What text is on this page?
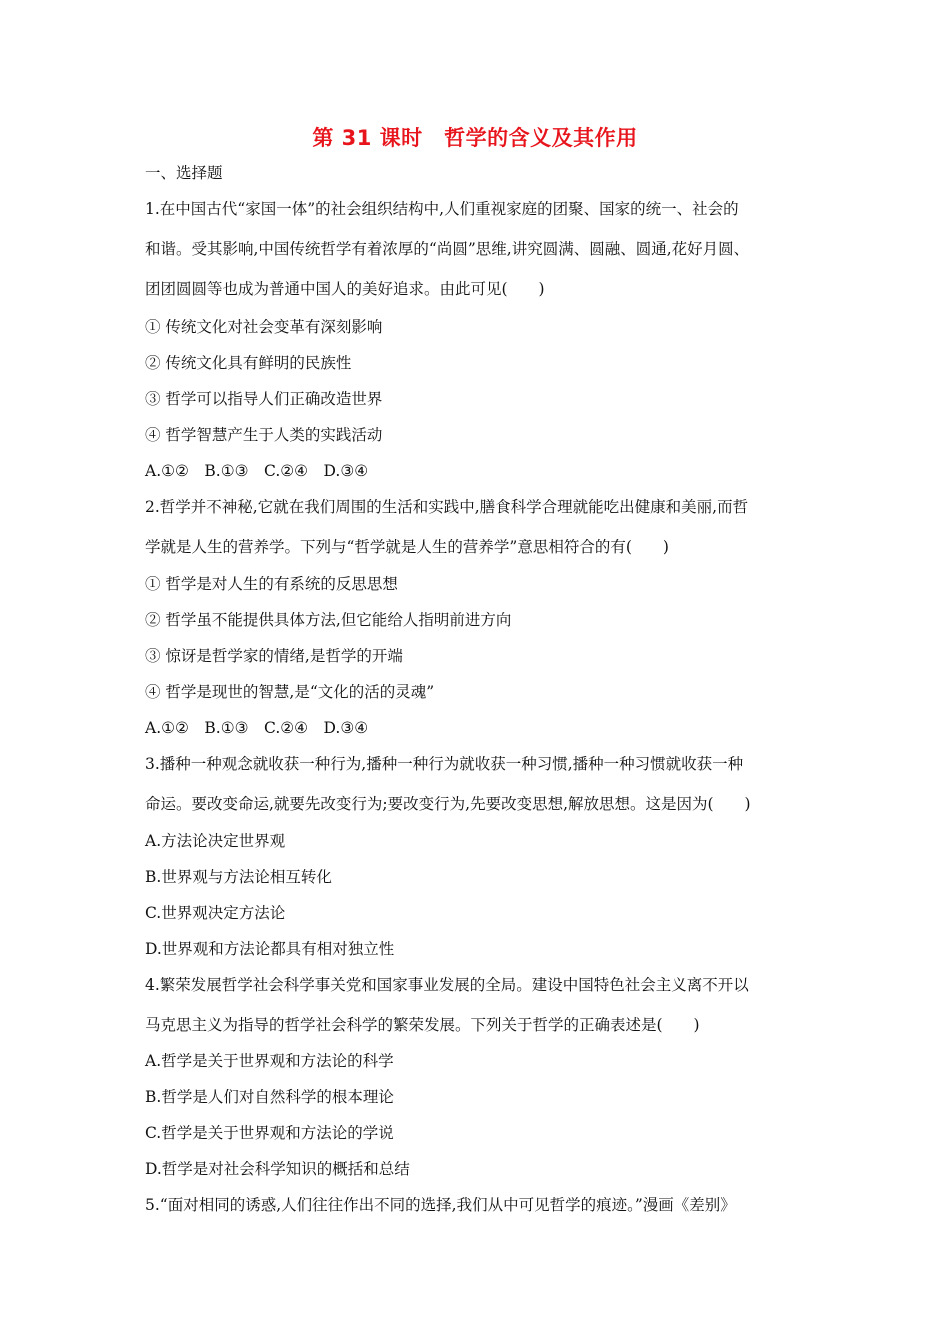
第 31 课时　哲学的含义及其作用
一、选择题
1.在中国古代“家国一体”的社会组织结构中,人们重视家庭的团聚、国家的统一、社会的
和谐。受其影响,中国传统哲学有着浓厚的“尚圆”思维,讲究圆满、圆融、圆通,花好月圆、
团团圆圆等也成为普通中国人的美好追求。由此可见(　　)
① 传统文化对社会变革有深刻影响
② 传统文化具有鲜明的民族性
③ 哲学可以指导人们正确改造世界
④ 哲学智慧产生于人类的实践活动
A.①②　B.①③　C.②④　D.③④
2.哲学并不神秘,它就在我们周围的生活和实践中,膳食科学合理就能吃出健康和美丽,而哲
学就是人生的营养学。下列与“哲学就是人生的营养学”意思相符合的有(　　)
① 哲学是对人生的有系统的反思思想
② 哲学虽不能提供具体方法,但它能给人指明前进方向
③ 惊讶是哲学家的情绪,是哲学的开端
④ 哲学是现世的智慧,是“文化的活的灵魂”
A.①②　B.①③　C.②④　D.③④
3.播种一种观念就收获一种行为,播种一种行为就收获一种习惯,播种一种习惯就收获一种
命运。要改变命运,就要先改变行为;要改变行为,先要改变思想,解放思想。这是因为(　　)
A.方法论决定世界观
B.世界观与方法论相互转化
C.世界观决定方法论
D.世界观和方法论都具有相对独立性
4.繁荣发展哲学社会科学事关党和国家事业发展的全局。建设中国特色社会主义离不开以
马克思主义为指导的哲学社会科学的繁荣发展。下列关于哲学的正确表述是(　　)
A.哲学是关于世界观和方法论的科学
B.哲学是人们对自然科学的根本理论
C.哲学是关于世界观和方法论的学说
D.哲学是对社会科学知识的概括和总结
5.“面对相同的诱惑,人们往往作出不同的选择,我们从中可见哲学的痕迹。”漫画《差别》
